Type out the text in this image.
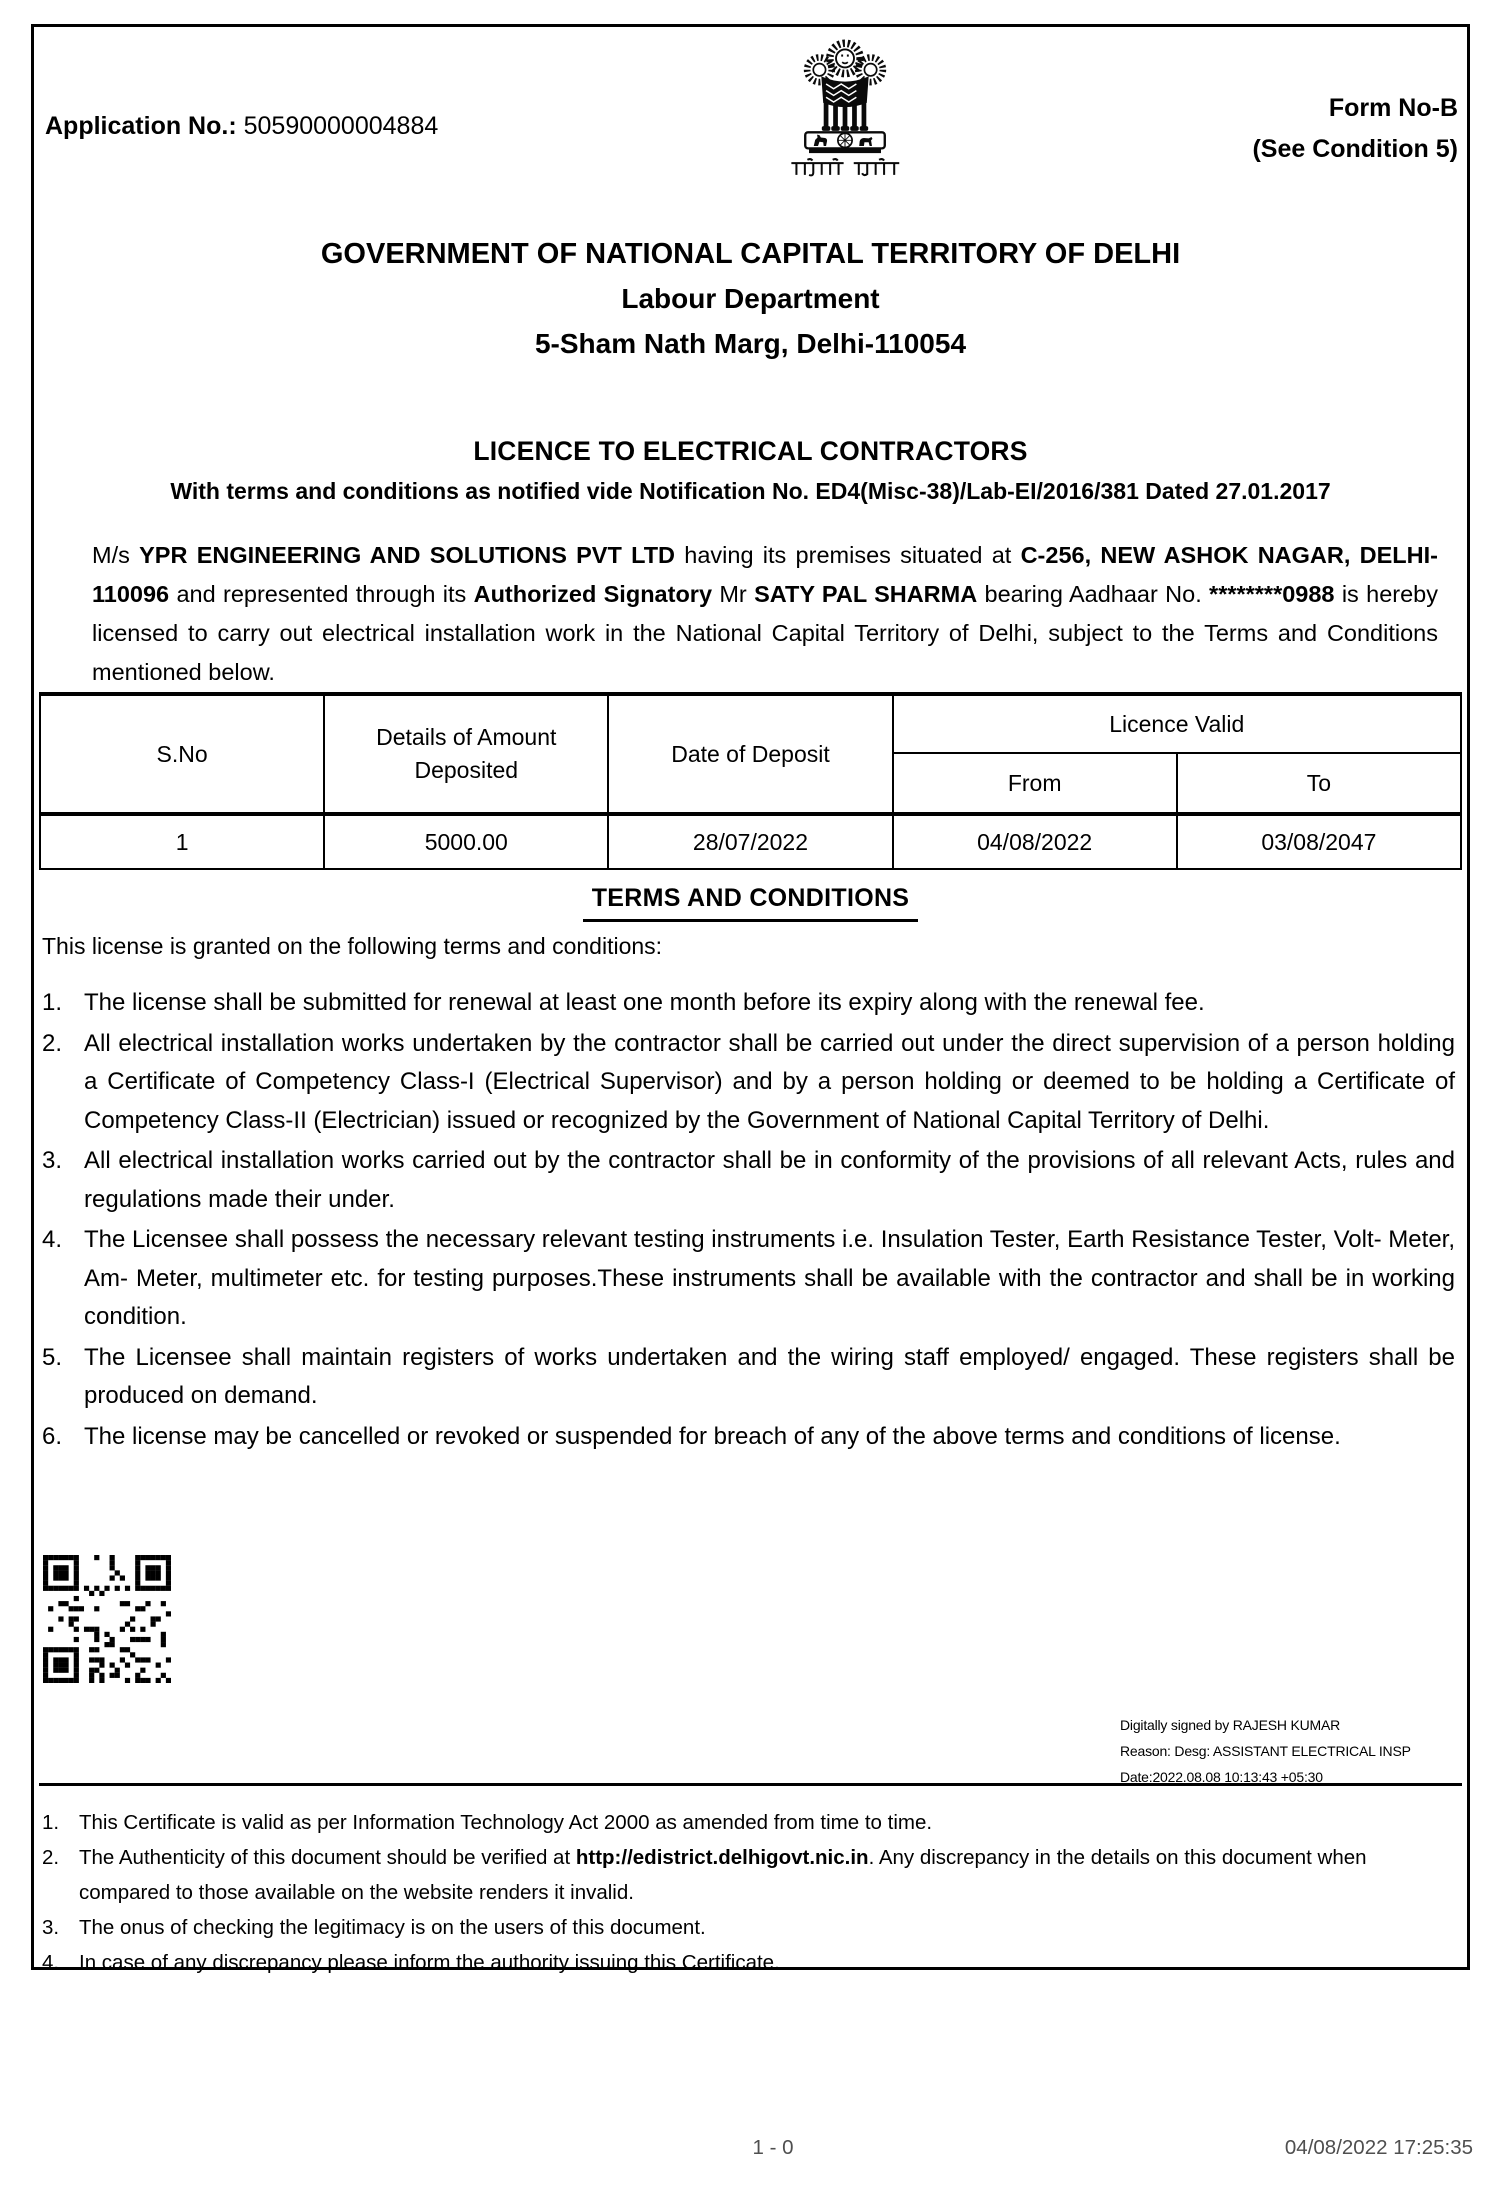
Application No.: 50590000004884
Form No-B
(See Condition 5)
GOVERNMENT OF NATIONAL CAPITAL TERRITORY OF DELHI
Labour Department
5-Sham Nath Marg, Delhi-110054
LICENCE TO ELECTRICAL CONTRACTORS
With terms and conditions as notified vide Notification No. ED4(Misc-38)/Lab-EI/2016/381 Dated 27.01.2017

M/s YPR ENGINEERING AND SOLUTIONS PVT LTD having its premises situated at C-256, NEW ASHOK NAGAR, DELHI-110096 and represented through its Authorized Signatory Mr SATY PAL SHARMA bearing Aadhaar No. ********0988 is hereby licensed to carry out electrical installation work in the National Capital Territory of Delhi, subject to the Terms and Conditions mentioned below.

S.No	Details of Amount Deposited	Date of Deposit	Licence Valid	
			From	To
1	5000.00	28/07/2022	04/08/2022	03/08/2047
TERMS AND CONDITIONS
This license is granted on the following terms and conditions:
1. The license shall be submitted for renewal at least one month before its expiry along with the renewal fee.
2. All electrical installation works undertaken by the contractor shall be carried out under the direct supervision of a person holding a Certificate of Competency Class-I (Electrical Supervisor) and by a person holding or deemed to be holding a Certificate of Competency Class-II (Electrician) issued or recognized by the Government of National Capital Territory of Delhi.
3. All electrical installation works carried out by the contractor shall be in conformity of the provisions of all relevant Acts, rules and regulations made their under.
4. The Licensee shall possess the necessary relevant testing instruments i.e. Insulation Tester, Earth Resistance Tester, Volt- Meter, Am- Meter, multimeter etc. for testing purposes.These instruments shall be available with the contractor and shall be in working condition.
5. The Licensee shall maintain registers of works undertaken and the wiring staff employed/ engaged. These registers shall be produced on demand.
6. The license may be cancelled or revoked or suspended for breach of any of the above terms and conditions of license.
Digitally signed by RAJESH KUMAR
Reason: Desg: ASSISTANT ELECTRICAL INSP
Date:2022.08.08 10:13:43 +05:30
1. This Certificate is valid as per Information Technology Act 2000 as amended from time to time.
2. The Authenticity of this document should be verified at http://edistrict.delhigovt.nic.in. Any discrepancy in the details on this document when compared to those available on the website renders it invalid.
3. The onus of checking the legitimacy is on the users of this document.
4. In case of any discrepancy please inform the authority issuing this Certificate.
1 - 0	04/08/2022 17:25:35
